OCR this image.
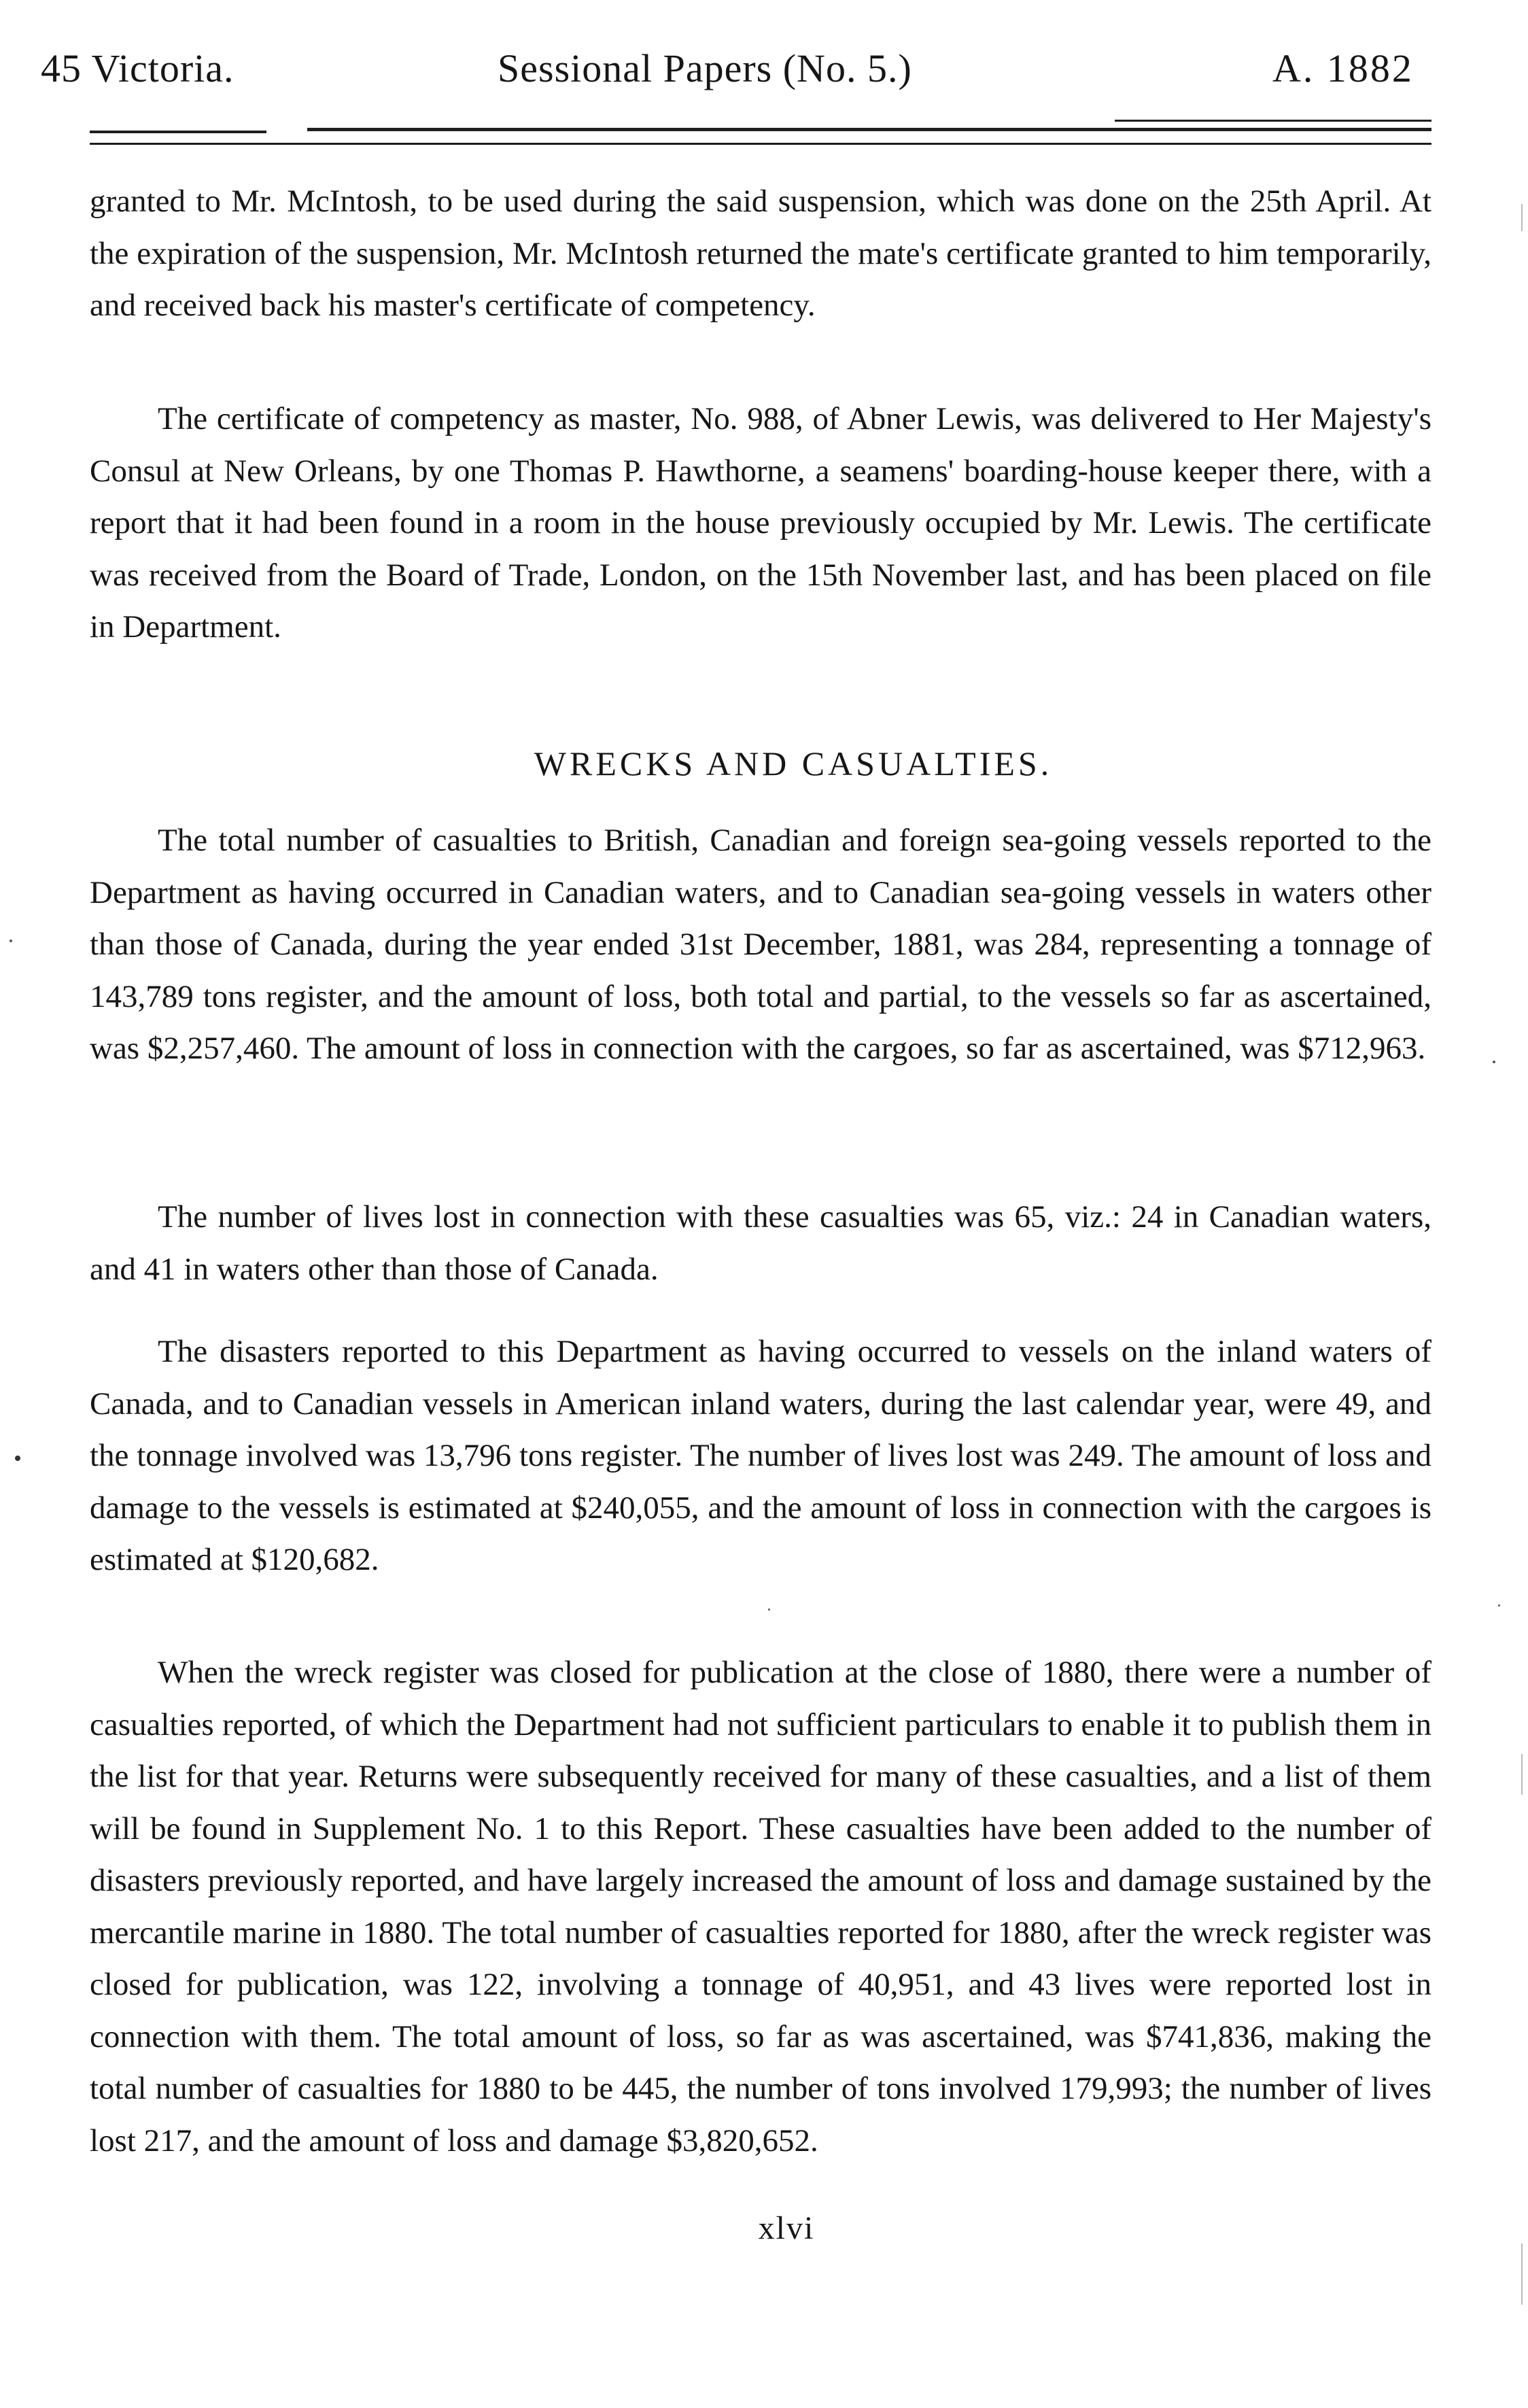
45 Victoria.	Sessional Papers (No. 5.)	A. 1882

granted to Mr. McIntosh, to be used during the said suspension, which was done on the 25th April. At the expiration of the suspension, Mr. McIntosh returned the mate's certificate granted to him temporarily, and received back his master's certificate of competency.

The certificate of competency as master, No. 988, of Abner Lewis, was delivered to Her Majesty's Consul at New Orleans, by one Thomas P. Hawthorne, a seamens' boarding-house keeper there, with a report that it had been found in a room in the house previously occupied by Mr. Lewis. The certificate was received from the Board of Trade, London, on the 15th November last, and has been placed on file in Department.

WRECKS AND CASUALTIES.

The total number of casualties to British, Canadian and foreign sea-going vessels reported to the Department as having occurred in Canadian waters, and to Canadian sea-going vessels in waters other than those of Canada, during the year ended 31st December, 1881, was 284, representing a tonnage of 143,789 tons register, and the amount of loss, both total and partial, to the vessels so far as ascertained, was $2,257,460. The amount of loss in connection with the cargoes, so far as ascertained, was $712,963.

The number of lives lost in connection with these casualties was 65, viz.: 24 in Canadian waters, and 41 in waters other than those of Canada.

The disasters reported to this Department as having occurred to vessels on the inland waters of Canada, and to Canadian vessels in American inland waters, during the last calendar year, were 49, and the tonnage involved was 13,796 tons register. The number of lives lost was 249. The amount of loss and damage to the vessels is estimated at $240,055, and the amount of loss in connection with the cargoes is estimated at $120,682.

When the wreck register was closed for publication at the close of 1880, there were a number of casualties reported, of which the Department had not sufficient particulars to enable it to publish them in the list for that year. Returns were subsequently received for many of these casualties, and a list of them will be found in Supplement No. 1 to this Report. These casualties have been added to the number of disasters previously reported, and have largely increased the amount of loss and damage sustained by the mercantile marine in 1880. The total number of casualties reported for 1880, after the wreck register was closed for publication, was 122, involving a tonnage of 40,951, and 43 lives were reported lost in connection with them. The total amount of loss, so far as was ascertained, was $741,836, making the total number of casualties for 1880 to be 445, the number of tons involved 179,993; the number of lives lost 217, and the amount of loss and damage $3,820,652.

xlvi
